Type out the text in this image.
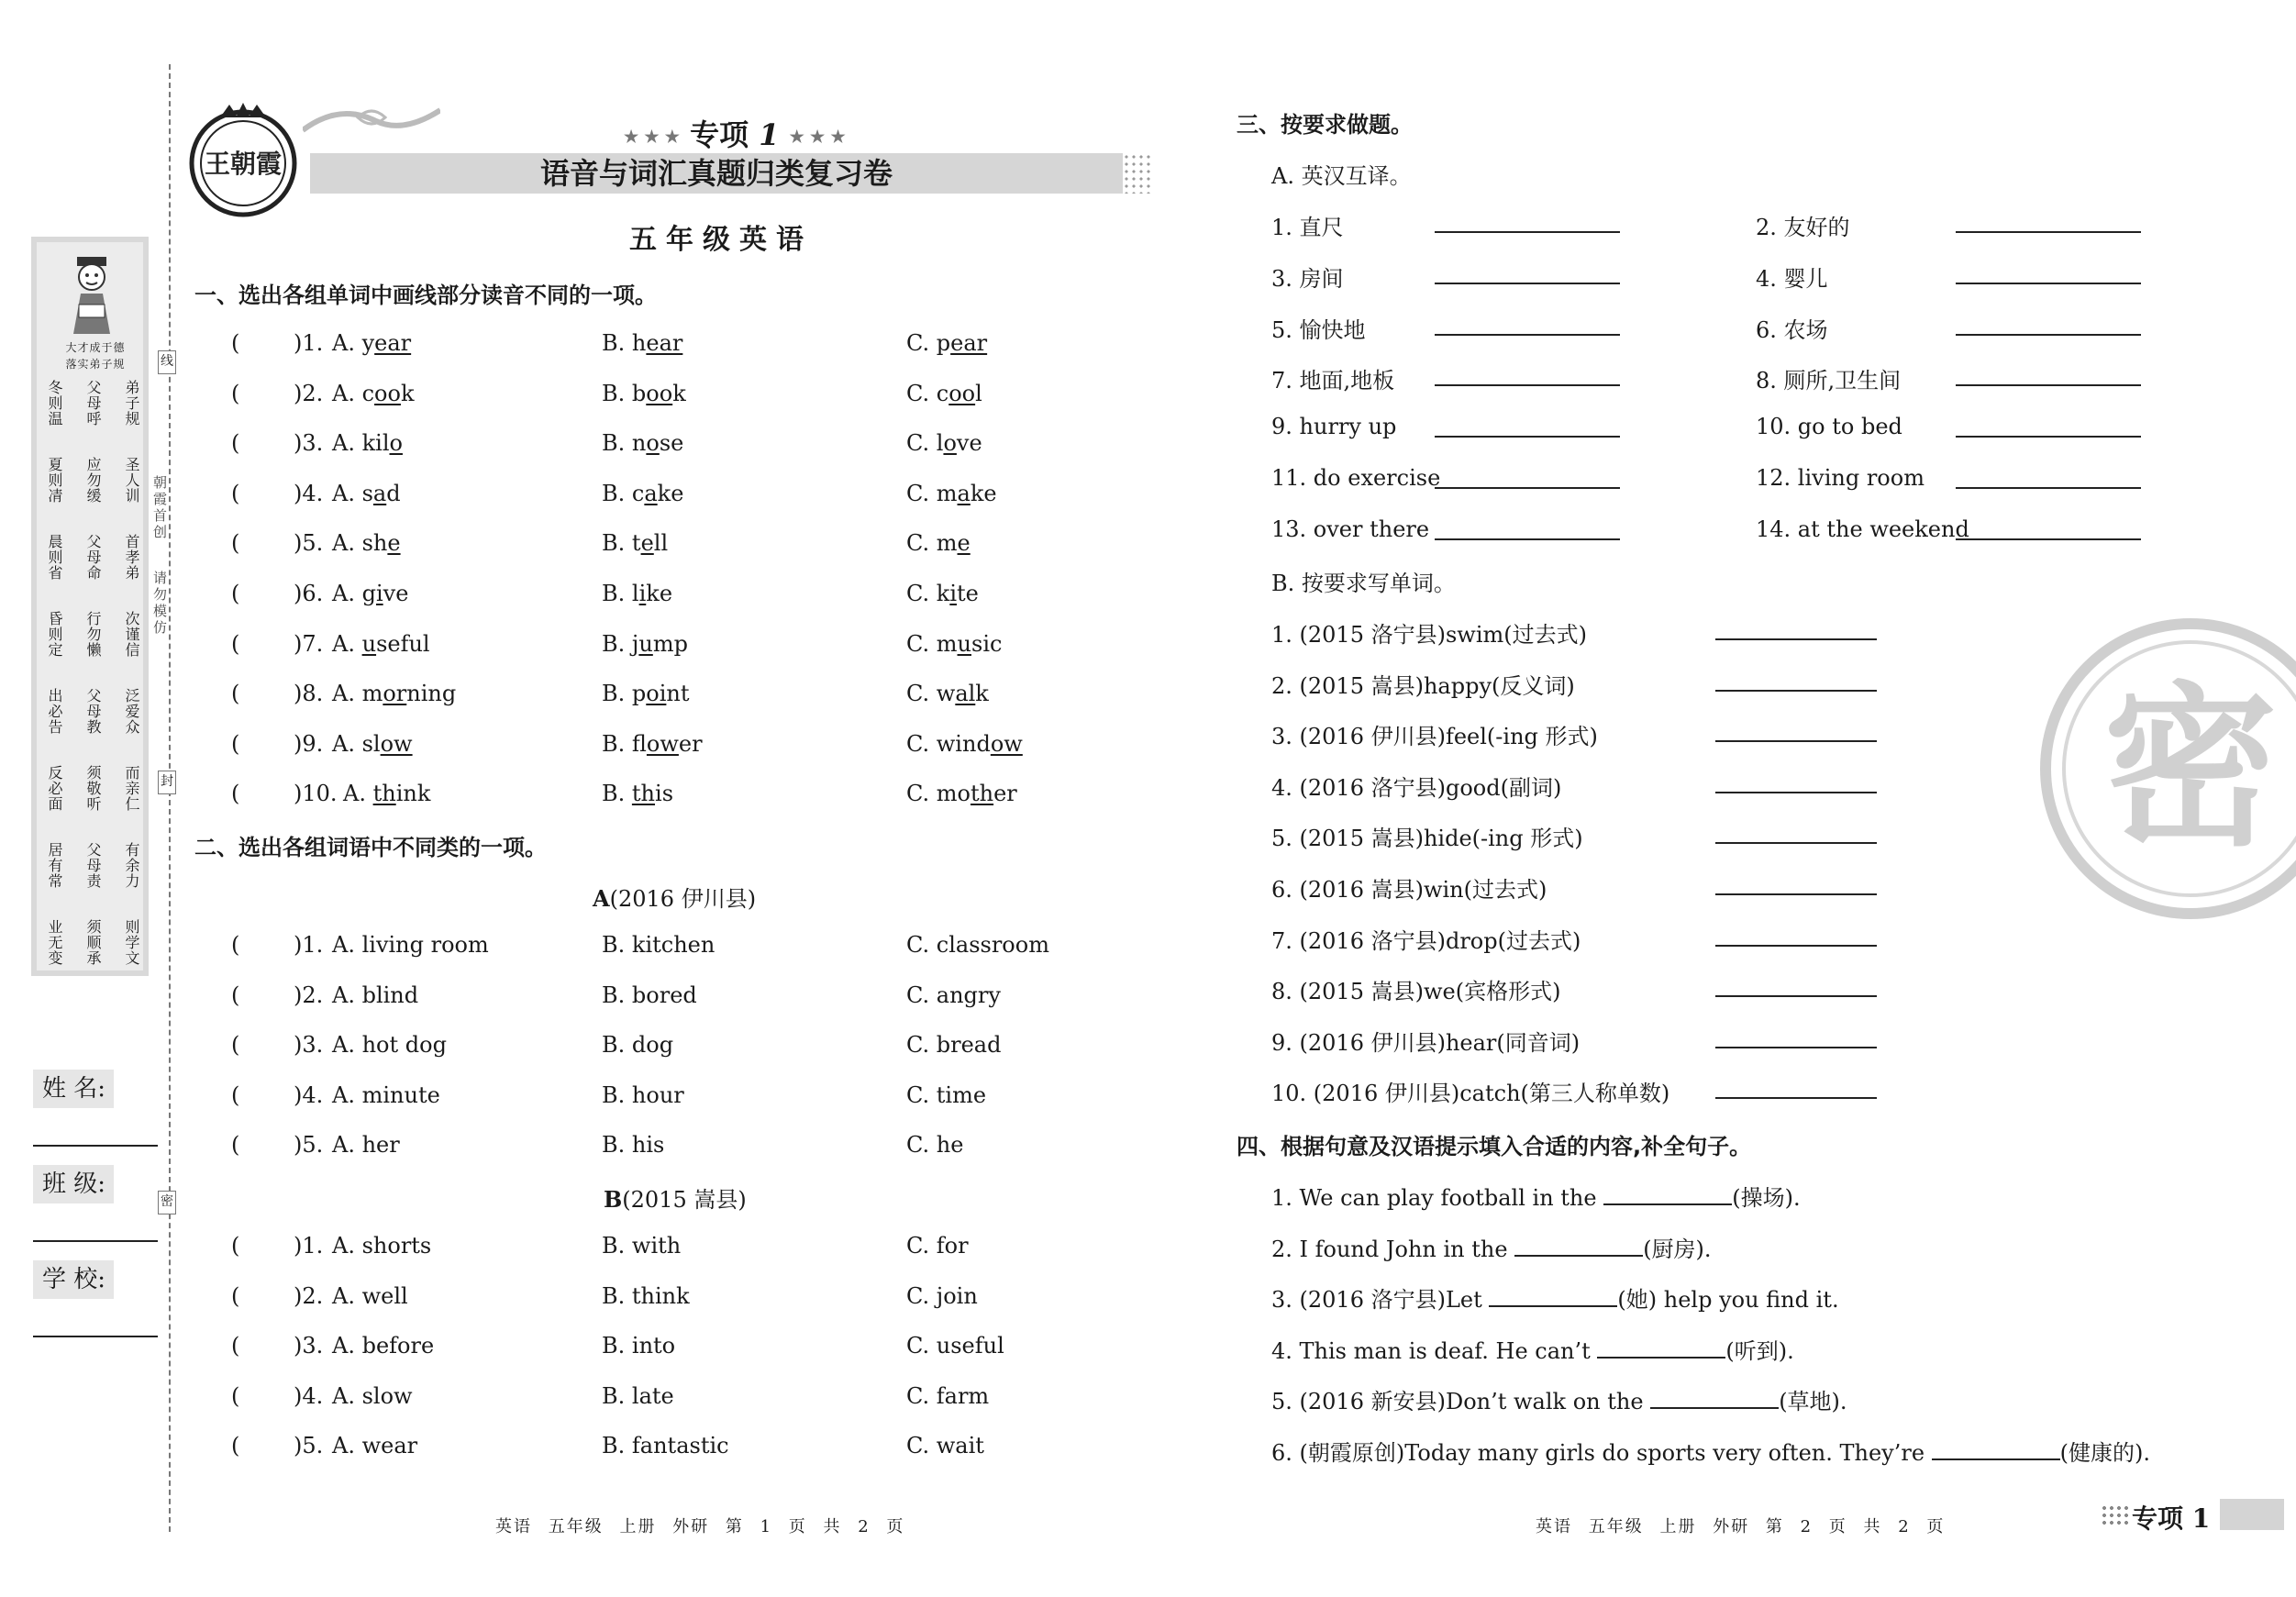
大才成于德
落实弟子规
冬则温 父母呼 弟子规
夏则凊 应勿缓 圣人训
晨则省 父母命 首孝弟
昏则定 行勿懒 次谨信
出必告 父母教 泛爱众
反必面 须敬听 而亲仁
居有常 父母责 有余力
业无变 须顺承 则学文
朝霞首创
请勿模仿
线
封
密
姓 名:
班 级:
学 校:
王朝霞
★ ★ ★ 专项 1 ★ ★ ★
语音与词汇真题归类复习卷
五年级英语
一、选出各组单词中画线部分读音不同的一项。
( )1. A. year	B. hear	C. pear
( )2. A. cook	B. book	C. cool
( )3. A. kilo	B. nose	C. love
( )4. A. sad	B. cake	C. make
( )5. A. she	B. tell	C. me
( )6. A. give	B. like	C. kite
( )7. A. useful	B. jump	C. music
( )8. A. morning	B. point	C. walk
( )9. A. slow	B. flower	C. window
( )10. A. think	B. this	C. mother
二、选出各组词语中不同类的一项。
A(2016 伊川县)
B(2015 嵩县)
( )1. A. living room	B. kitchen	C. classroom
( )2. A. blind	B. bored	C. angry
( )3. A. hot dog	B. dog	C. bread
( )4. A. minute	B. hour	C. time
( )5. A. her	B. his	C. he
( )1. A. shorts	B. with	C. for
( )2. A. well	B. think	C. join
( )3. A. before	B. into	C. useful
( )4. A. slow	B. late	C. farm
( )5. A. wear	B. fantastic	C. wait
三、按要求做题。
A. 英汉互译。
1. 直尺	2. 友好的
3. 房间	4. 婴儿
5. 愉快地	6. 农场
7. 地面,地板	8. 厕所,卫生间
9. hurry up	10. go to bed
11. do exercise	12. living room
13. over there	14. at the weekend
B. 按要求写单词。
1. (2015 洛宁县)swim(过去式)
2. (2015 嵩县)happy(反义词)
3. (2016 伊川县)feel(-ing 形式)
4. (2016 洛宁县)good(副词)
5. (2015 嵩县)hide(-ing 形式)
6. (2016 嵩县)win(过去式)
7. (2016 洛宁县)drop(过去式)
8. (2015 嵩县)we(宾格形式)
9. (2016 伊川县)hear(同音词)
10. (2016 伊川县)catch(第三人称单数)
四、根据句意及汉语提示填入合适的内容,补全句子。
1. We can play football in the	(操场).
2. I found John in the	(厨房).
3. (2016 洛宁县)Let	(她) help you find it.
4. This man is deaf. He can’t	(听到).
5. (2016 新安县)Don’t walk on the	(草地).
6. (朝霞原创)Today many girls do sports very often. They’re	(健康的).
密
英语 五年级 上册 外研 第 1 页 共 2 页	英语 五年级 上册 外研 第 2 页 共 2 页	专项 1
